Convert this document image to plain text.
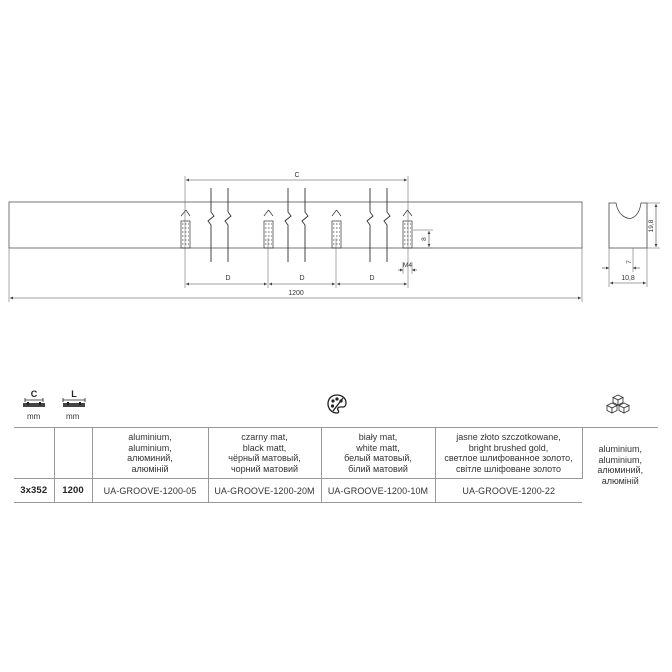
C
D	D	D
1200
8
M4
19,8
7
10,8
C
mm
L
mm

		aluminium,
aluminium,
алюминий,
алюміній	czarny mat,
black matt,
чёрный матовый,
чорний матовий	biały mat,
white matt,
белый матовый,
білий матовий	jasne złoto szczotkowane,
bright brushed gold,
светлое шлифованное золото,
світле шліфоване золото	aluminium,
aluminium,
алюминий,
алюміній

3x352	1200	UA-GROOVE-1200-05	UA-GROOVE-1200-20M	UA-GROOVE-1200-10M	UA-GROOVE-1200-22	
